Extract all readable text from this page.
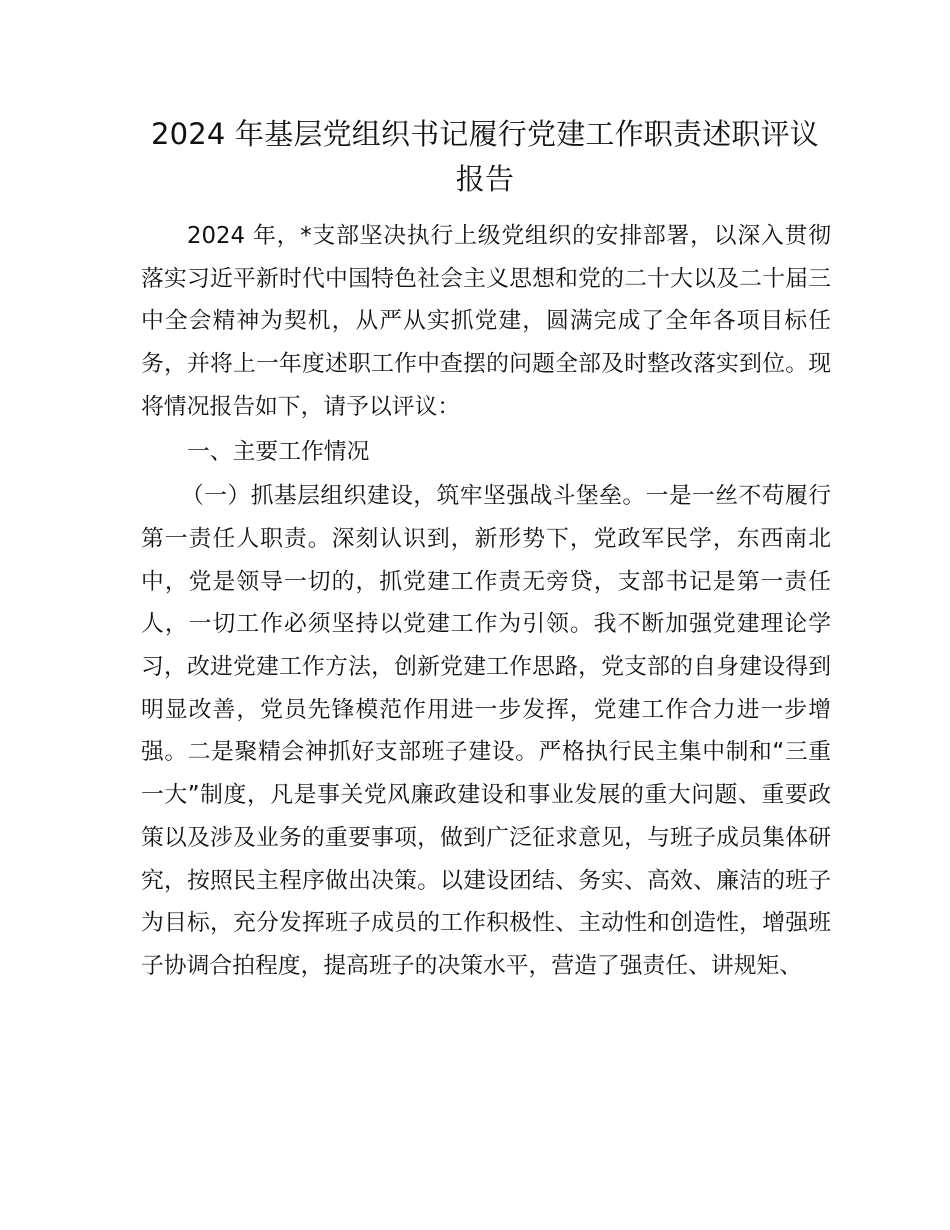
2024 年基层党组织书记履行党建工作职责述职评议报告

2024 年，*支部坚决执行上级党组织的安排部署，以深入贯彻落实习近平新时代中国特色社会主义思想和党的二十大以及二十届三中全会精神为契机，从严从实抓党建，圆满完成了全年各项目标任务，并将上一年度述职工作中查摆的问题全部及时整改落实到位。现将情况报告如下，请予以评议：

一、主要工作情况

（一）抓基层组织建设，筑牢坚强战斗堡垒。一是一丝不苟履行第一责任人职责。深刻认识到，新形势下，党政军民学，东西南北中，党是领导一切的，抓党建工作责无旁贷，支部书记是第一责任人，一切工作必须坚持以党建工作为引领。我不断加强党建理论学习，改进党建工作方法，创新党建工作思路，党支部的自身建设得到明显改善，党员先锋模范作用进一步发挥，党建工作合力进一步增强。二是聚精会神抓好支部班子建设。严格执行民主集中制和“三重一大”制度，凡是事关党风廉政建设和事业发展的重大问题、重要政策以及涉及业务的重要事项，做到广泛征求意见，与班子成员集体研究，按照民主程序做出决策。以建设团结、务实、高效、廉洁的班子为目标，充分发挥班子成员的工作积极性、主动性和创造性，增强班子协调合拍程度，提高班子的决策水平，营造了强责任、讲规矩、
